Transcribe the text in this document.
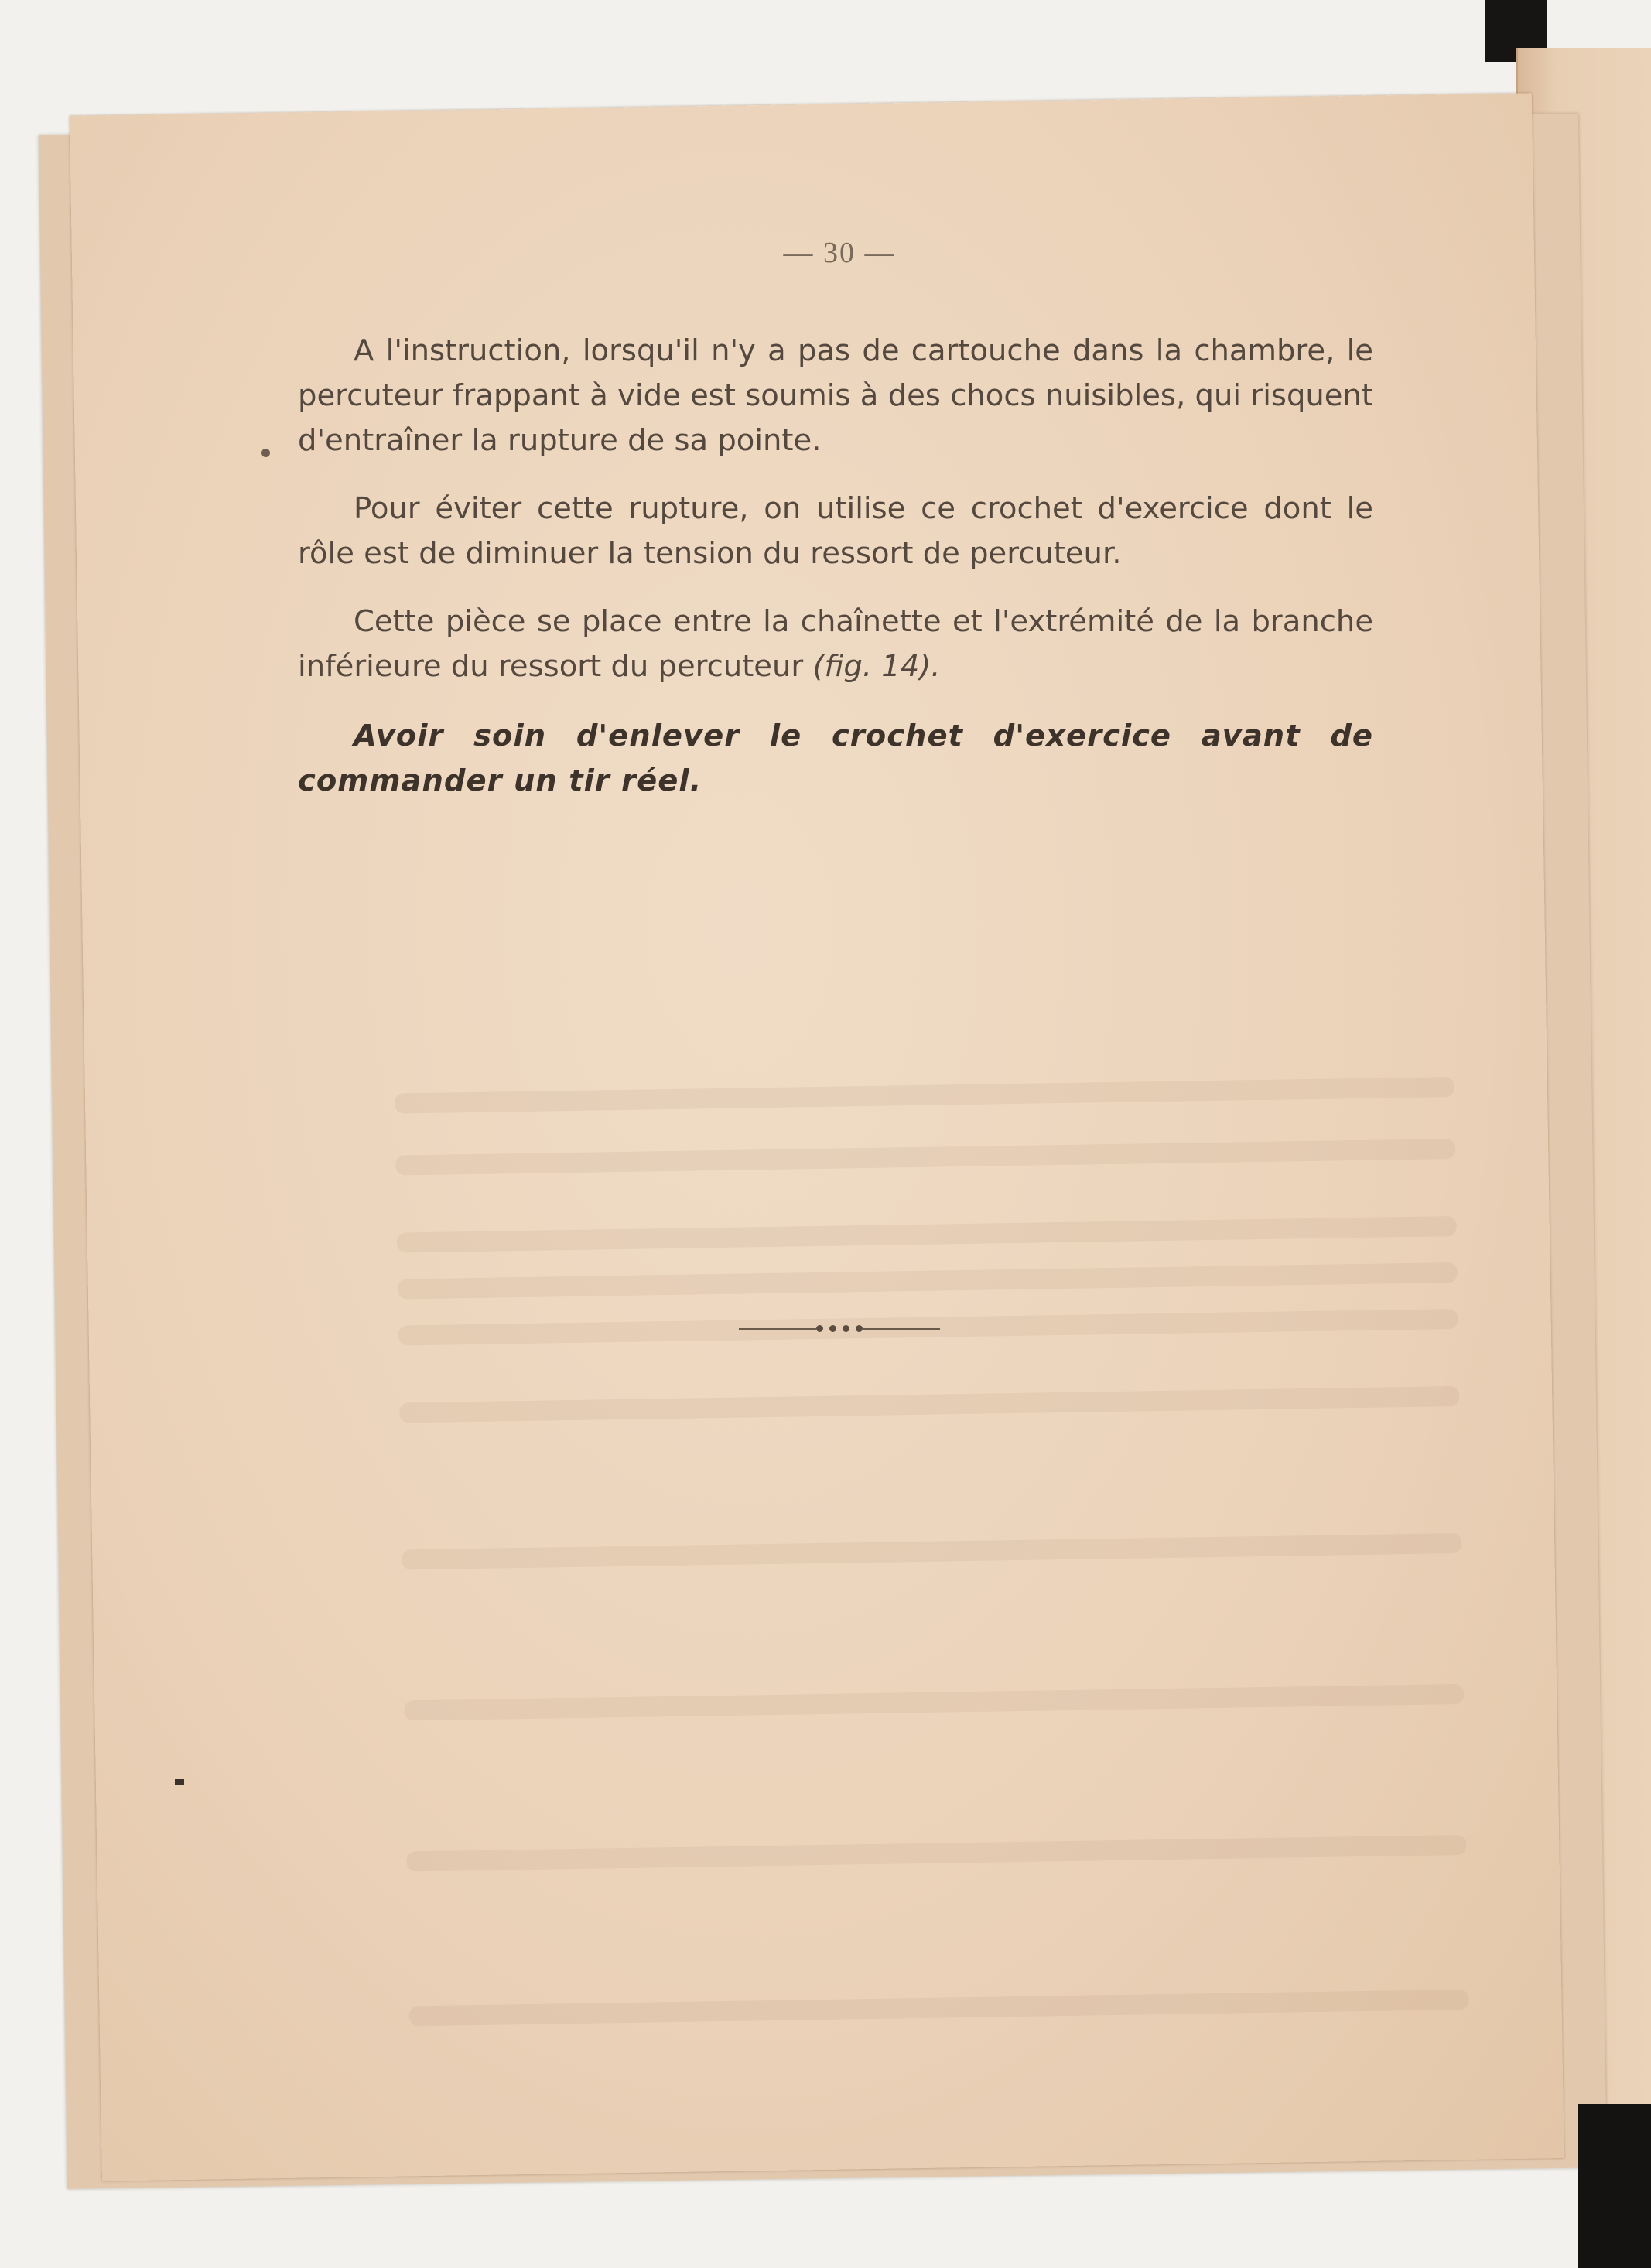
— 30 —

A l'instruction, lorsqu'il n'y a pas de cartouche dans la chambre, le percuteur frappant à vide est soumis à des chocs nuisibles, qui risquent d'entraîner la rupture de sa pointe.

Pour éviter cette rupture, on utilise ce crochet d'exercice dont le rôle est de diminuer la tension du ressort de percuteur.

Cette pièce se place entre la chaînette et l'extrémité de la branche inférieure du ressort du percuteur (fig. 14).

Avoir soin d'enlever le crochet d'exercice avant de commander un tir réel.
